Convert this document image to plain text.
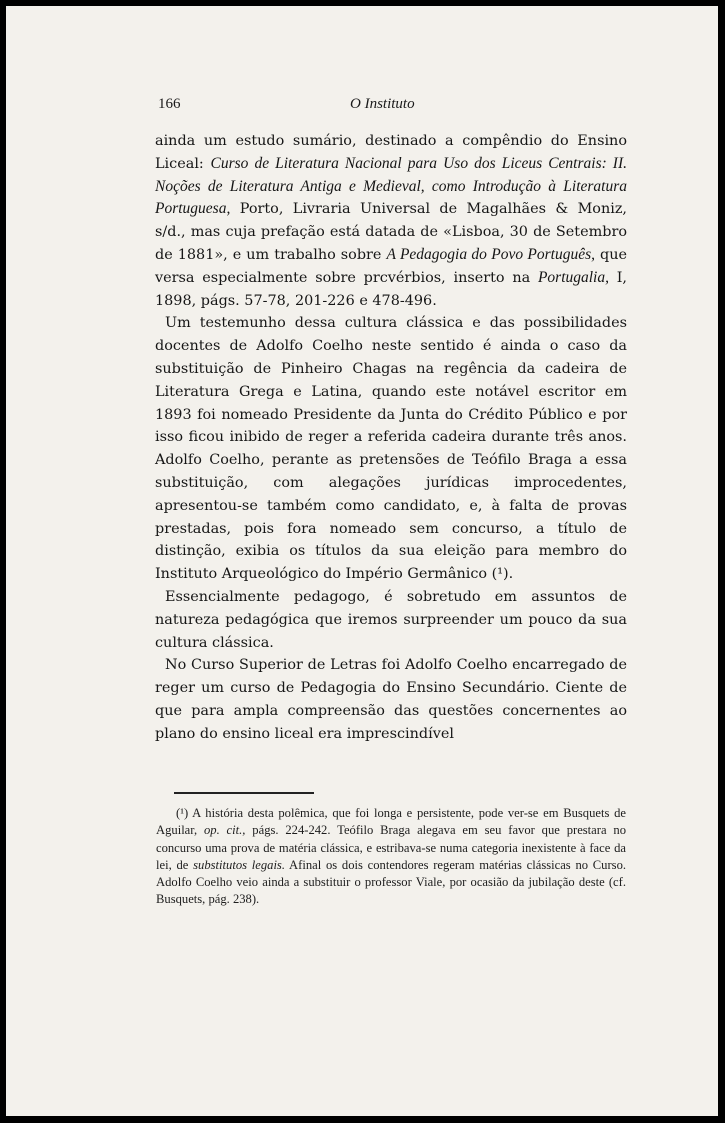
166	O Instituto

ainda um estudo sumário, destinado a compêndio do Ensino Liceal: Curso de Literatura Nacional para Uso dos Liceus Centrais: II. Noções de Literatura Antiga e Medieval, como Introdução à Literatura Portuguesa, Porto, Livraria Universal de Magalhães & Moniz, s/d., mas cuja prefação está datada de «Lisboa, 30 de Setembro de 1881», e um trabalho sobre A Pedagogia do Povo Português, que versa especialmente sobre prcvérbios, inserto na Portugalia, I, 1898, págs. 57-78, 201-226 e 478-496.

Um testemunho dessa cultura clássica e das possibilidades docentes de Adolfo Coelho neste sentido é ainda o caso da substituição de Pinheiro Chagas na regência da cadeira de Literatura Grega e Latina, quando este notável escritor em 1893 foi nomeado Presidente da Junta do Crédito Público e por isso ficou inibido de reger a referida cadeira durante três anos. Adolfo Coelho, perante as pretensões de Teófilo Braga a essa substituição, com alegações jurídicas improcedentes, apresentou-se também como candidato, e, à falta de provas prestadas, pois fora nomeado sem concurso, a título de distinção, exibia os títulos da sua eleição para membro do Instituto Arqueológico do Império Germânico (¹).

Essencialmente pedagogo, é sobretudo em assuntos de natureza pedagógica que iremos surpreender um pouco da sua cultura clássica.

No Curso Superior de Letras foi Adolfo Coelho encarregado de reger um curso de Pedagogia do Ensino Secundário. Ciente de que para ampla compreensão das questões concernentes ao plano do ensino liceal era imprescindível

(¹) A história desta polêmica, que foi longa e persistente, pode ver-se em Busquets de Aguilar, op. cit., págs. 224-242. Teófilo Braga alegava em seu favor que prestara no concurso uma prova de matéria clássica, e estribava-se numa categoria inexistente à face da lei, de substitutos legais. Afinal os dois contendores regeram matérias clássicas no Curso. Adolfo Coelho veio ainda a substituir o professor Viale, por ocasião da jubilação deste (cf. Busquets, pág. 238).
